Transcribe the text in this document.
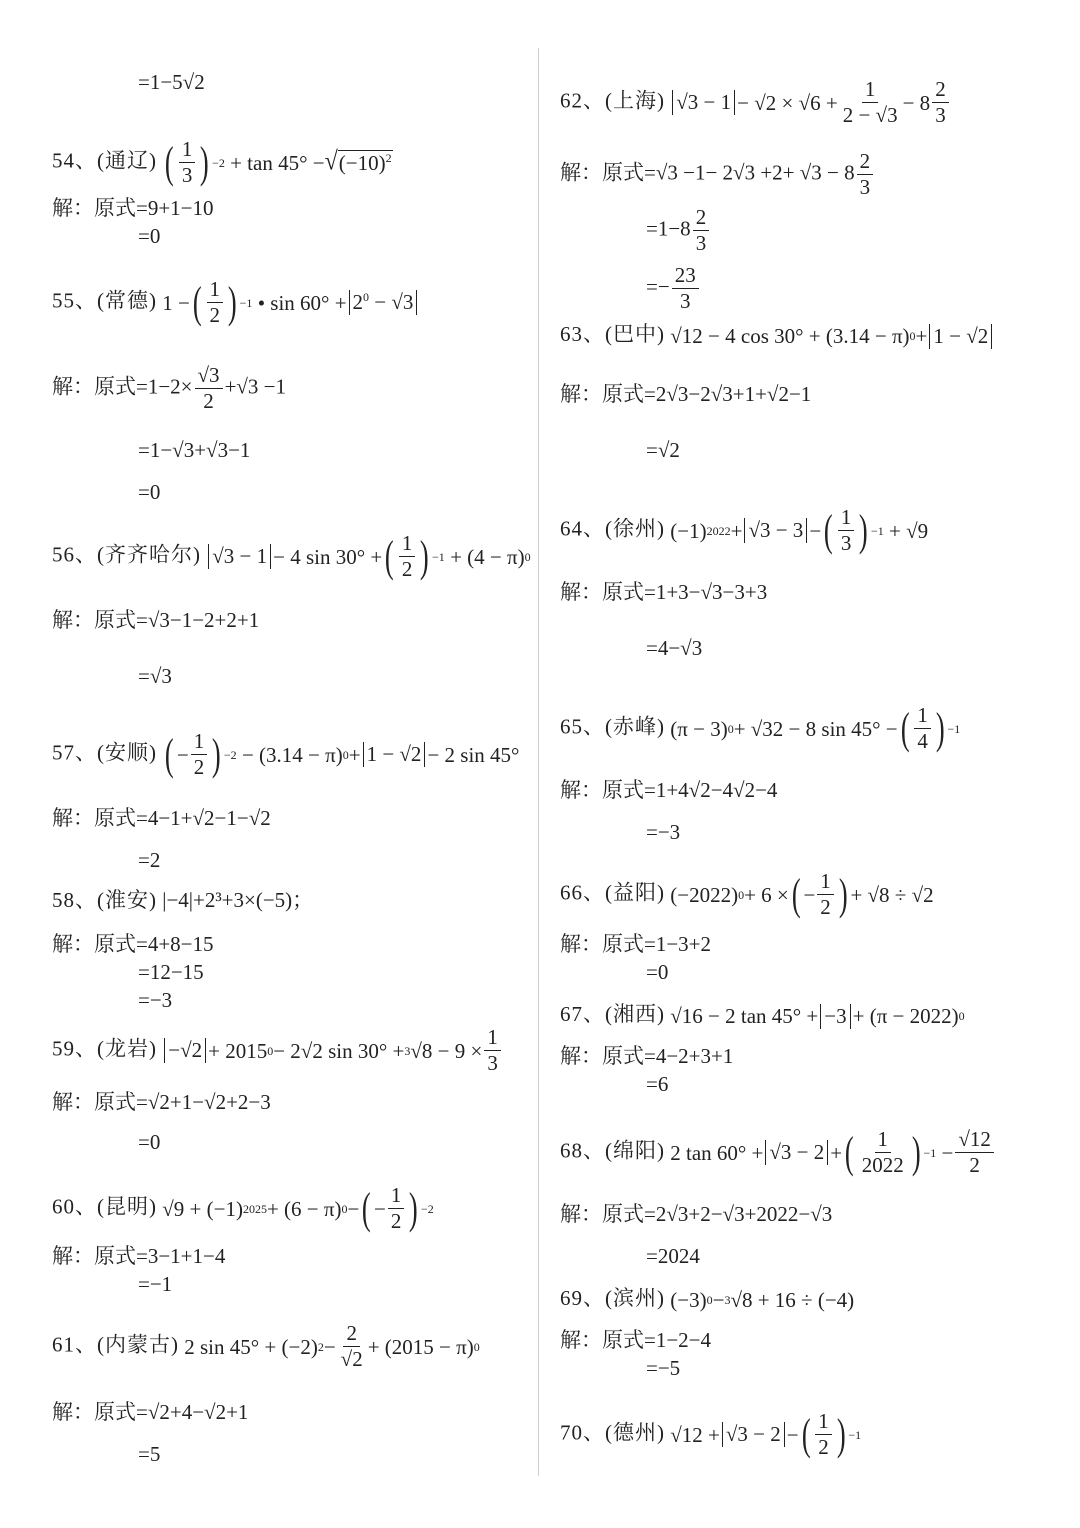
=1−5√2
54、(通辽) ( $\frac{1}{3}$ ) −2 + tan 45° − √ $(-10)^2$
解：原式=9+1−10
=0
55、(常德) 1 − ( $\frac{1}{2}$ ) −1 • $\sin 60^\circ + 2^0 - √3$
解：原式$=1-2\times \frac{√3}{2} +√3 -1$
=1−√3+√3−1
=0
56、(齐齐哈尔) √3 − 1 − 4 sin 30° + ( $\frac{1}{2}$ ) −1 + (4 − π) 0
解：原式=√3−1−2+2+1
=√3
57、(安顺) ( − $\frac{1}{2}$ ) −2 − (3.14 − π) 0 + 1 − √2 − 2 sin 45°
解：原式=4−1+√2−1−√2
=2
58、(淮安) |−4|+2³+3×(−5)；
解：原式=4+8−15
=12−15
=−3
59、(龙岩) −√2 + 2015 0 − 2√2 sin 30° + 3 $√8 - 9 \times \frac{1}{3}$
解：原式=√2+1−√2+2−3
=0
60、(昆明) √9 + (−1) 2025 + (6 − π) 0 − ( − $\frac{1}{2}$ ) −2
解：原式=3−1+1−4
=−1
61、(内蒙古) 2 sin 45° + (−2) $2 - \frac{2}{√2} + (2015 - \pi)$ 0
解：原式=√2+4−√2+1
=5
62、(上海) $√3 - 1 - √2 \times √6 + \frac{1}{2 - √3} - 8 \frac{2}{3}$
解：原式$=√3 -1- 2√3 +2+ √3 - 8 \frac{2}{3}$
$=1-8 \frac{2}{3}$
=− $\frac{23}{3}$
63、(巴中) √12 − 4 cos 30° + (3.14 − π) 0 + 1 − √2
解：原式=2√3−2√3+1+√2−1
=√2
64、(徐州) (−1) 2022 + √3 − 3 − ( $\frac{1}{3}$ ) −1 + √9
解：原式=1+3−√3−3+3
=4−√3
65、(赤峰) (π − 3) 0 + √32 − 8 sin 45° − ( $\frac{1}{4}$ ) −1
解：原式=1+4√2−4√2−4
=−3
66、(益阳) (−2022) 0 + 6 × ( − $\frac{1}{2}$ ) + √8 ÷ √2
解：原式=1−3+2
=0
67、(湘西) √16 − 2 tan 45° + −3 + (π − 2022) 0
解：原式=4−2+3+1
=6
68、(绵阳) 2 tan 60° + √3 − 2 + ( $\frac{1}{2022}$ ) $-1 - \frac{√12}{2}$
解：原式=2√3+2−√3+2022−√3
=2024
69、(滨州) (−3) 0 − 3 √8 + 16 ÷ (−4)
解：原式=1−2−4
=−5
70、(德州) √12 + √3 − 2 − ( $\frac{1}{2}$ ) −1
